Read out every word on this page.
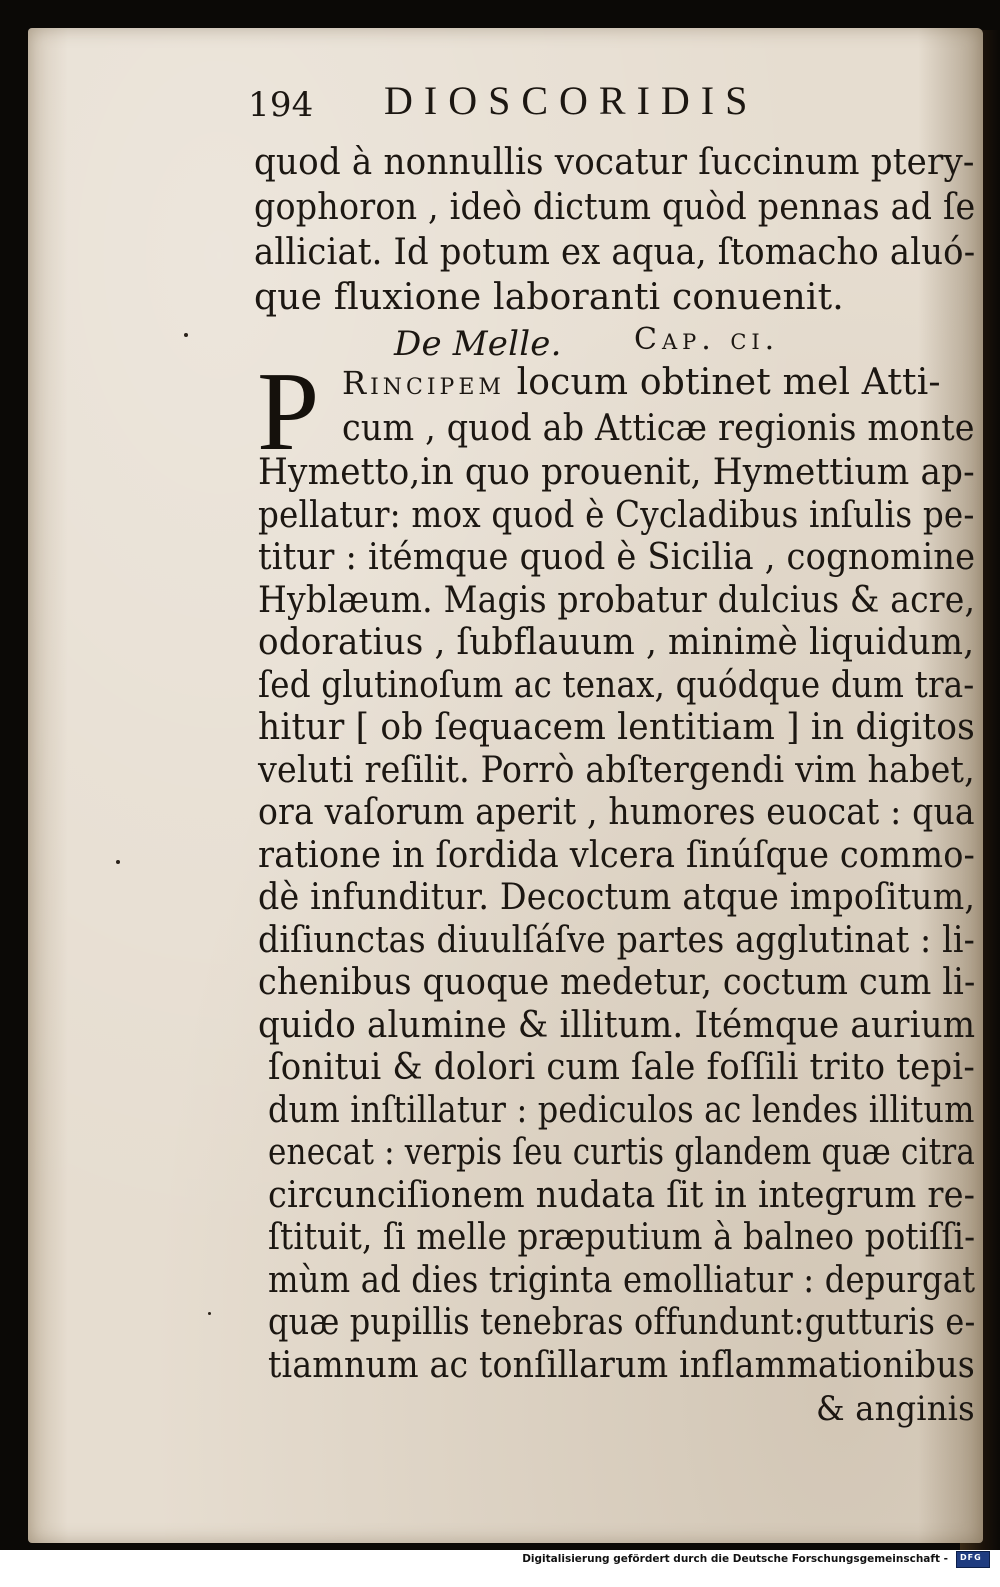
194 DIOSCORIDIS
quod à nonnullis vocatur ſuccinum ptery-
gophoron , ideò dictum quòd pennas ad ſe
alliciat. Id potum ex aqua, ſtomacho aluó-
que fluxione laboranti conuenit.
De Melle. Cap. ci.
P Rincipem locum obtinet mel Atti-
cum , quod ab Atticæ regionis monte
Hymetto,in quo prouenit, Hymettium ap-
pellatur: mox quod è Cycladibus inſulis pe-
titur : itémque quod è Sicilia , cognomine
Hyblæum. Magis probatur dulcius & acre,
odoratius , ſubflauum , minimè liquidum,
ſed glutinoſum ac tenax, quódque dum tra-
hitur [ ob ſequacem lentitiam ] in digitos
veluti reſilit. Porrò abſtergendi vim habet,
ora vaſorum aperit , humores euocat : qua
ratione in ſordida vlcera ſinúſque commo-
dè infunditur. Decoctum atque impoſitum,
diſiunctas diuulſáſve partes agglutinat : li-
chenibus quoque medetur, coctum cum li-
quido alumine & illitum. Itémque aurium
ſonitui & dolori cum ſale foſſili trito tepi-
dum inſtillatur : pediculos ac lendes illitum
enecat : verpis ſeu curtis glandem quæ citra
circunciſionem nudata ſit in integrum re-
ſtituit, ſi melle præputium à balneo potiſſi-
mùm ad dies triginta emolliatur : depurgat
quæ pupillis tenebras offundunt:gutturis e-
tiamnum ac tonſillarum inflammationibus
& anginis
Digitalisierung gefördert durch die Deutsche Forschungsgemeinschaft - DFG
